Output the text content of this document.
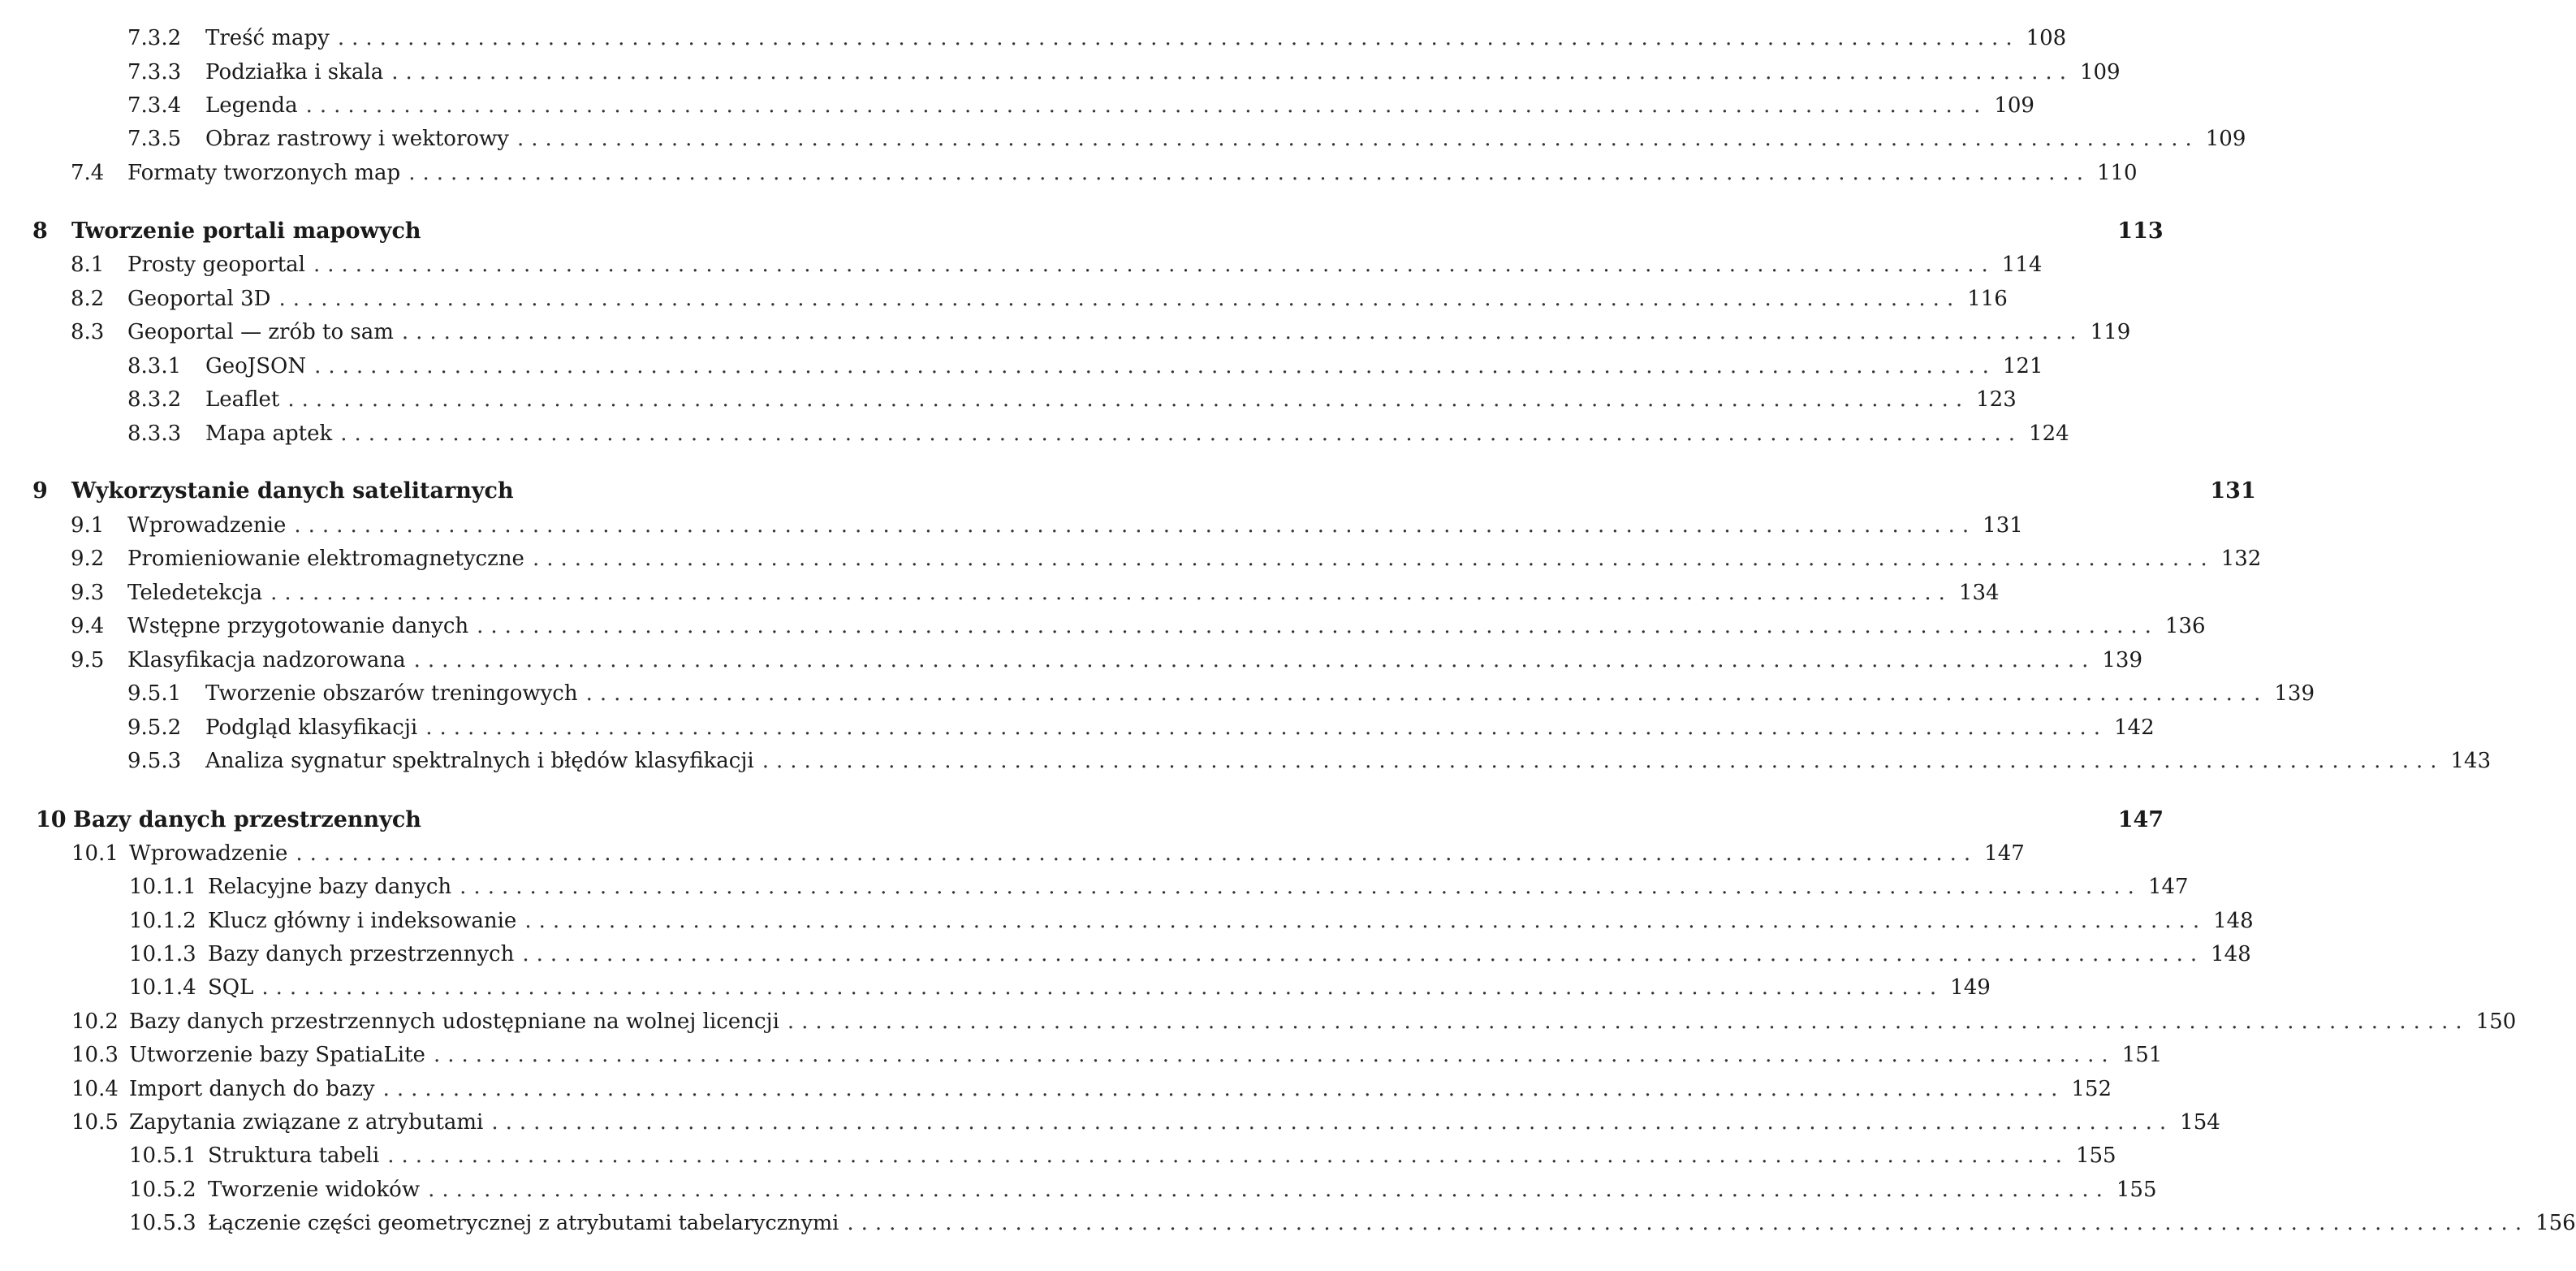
7.3.2	Treść mapy ........................................................................................................................ 108
7.3.3	Podziałka i skala ........................................................................................................................ 109
7.3.4	Legenda ........................................................................................................................ 109
7.3.5	Obraz rastrowy i wektorowy ........................................................................................................................ 109
7.4	Formaty tworzonych map ........................................................................................................................ 110
8	Tworzenie portali mapowych	113
8.1	Prosty geoportal ........................................................................................................................ 114
8.2	Geoportal 3D ........................................................................................................................ 116
8.3	Geoportal — zrób to sam ........................................................................................................................ 119
8.3.1	GeoJSON ........................................................................................................................ 121
8.3.2	Leaflet ........................................................................................................................ 123
8.3.3	Mapa aptek ........................................................................................................................ 124
9	Wykorzystanie danych satelitarnych	131
9.1	Wprowadzenie ........................................................................................................................ 131
9.2	Promieniowanie elektromagnetyczne ........................................................................................................................ 132
9.3	Teledetekcja ........................................................................................................................ 134
9.4	Wstępne przygotowanie danych ........................................................................................................................ 136
9.5	Klasyfikacja nadzorowana ........................................................................................................................ 139
9.5.1	Tworzenie obszarów treningowych ........................................................................................................................ 139
9.5.2	Podgląd klasyfikacji ........................................................................................................................ 142
9.5.3	Analiza sygnatur spektralnych i błędów klasyfikacji ........................................................................................................................ 143
10 Bazy danych przestrzennych	147
10.1 Wprowadzenie ........................................................................................................................ 147
10.1.1 Relacyjne bazy danych ........................................................................................................................ 147
10.1.2 Klucz główny i indeksowanie ........................................................................................................................ 148
10.1.3 Bazy danych przestrzennych ........................................................................................................................ 148
10.1.4 SQL ........................................................................................................................ 149
10.2 Bazy danych przestrzennych udostępniane na wolnej licencji ........................................................................................................................ 150
10.3 Utworzenie bazy SpatiaLite ........................................................................................................................ 151
10.4 Import danych do bazy ........................................................................................................................ 152
10.5 Zapytania związane z atrybutami ........................................................................................................................ 154
10.5.1 Struktura tabeli ........................................................................................................................ 155
10.5.2 Tworzenie widoków ........................................................................................................................ 155
10.5.3 Łączenie części geometrycznej z atrybutami tabelarycznymi ........................................................................................................................ 156
